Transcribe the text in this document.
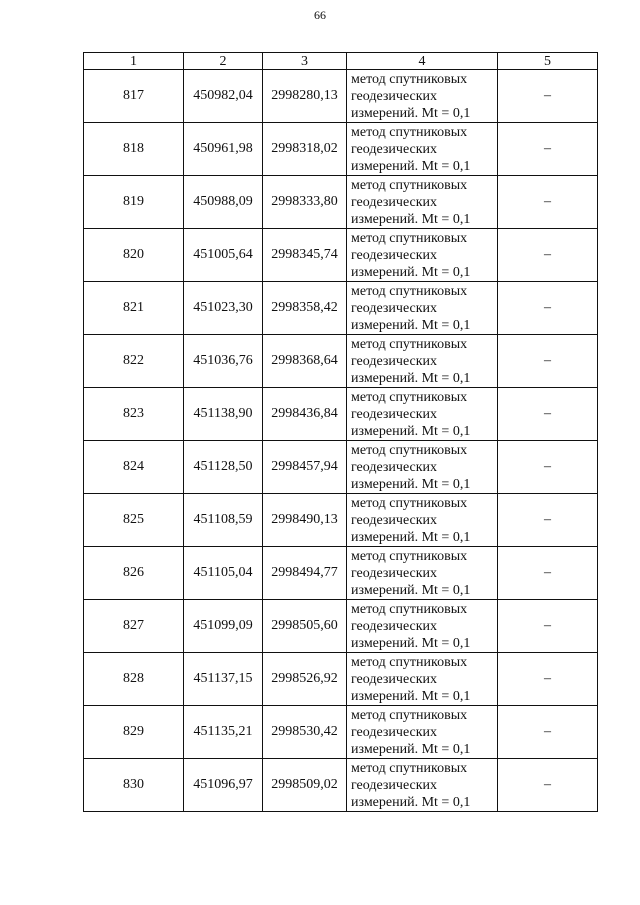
66
1	2	3	4	5
817	450982,04	2998280,13	метод спутниковых
геодезических
измерений. Mt = 0,1	–
818	450961,98	2998318,02	метод спутниковых
геодезических
измерений. Mt = 0,1	–
819	450988,09	2998333,80	метод спутниковых
геодезических
измерений. Mt = 0,1	–
820	451005,64	2998345,74	метод спутниковых
геодезических
измерений. Mt = 0,1	–
821	451023,30	2998358,42	метод спутниковых
геодезических
измерений. Mt = 0,1	–
822	451036,76	2998368,64	метод спутниковых
геодезических
измерений. Mt = 0,1	–
823	451138,90	2998436,84	метод спутниковых
геодезических
измерений. Mt = 0,1	–
824	451128,50	2998457,94	метод спутниковых
геодезических
измерений. Mt = 0,1	–
825	451108,59	2998490,13	метод спутниковых
геодезических
измерений. Mt = 0,1	–
826	451105,04	2998494,77	метод спутниковых
геодезических
измерений. Mt = 0,1	–
827	451099,09	2998505,60	метод спутниковых
геодезических
измерений. Mt = 0,1	–
828	451137,15	2998526,92	метод спутниковых
геодезических
измерений. Mt = 0,1	–
829	451135,21	2998530,42	метод спутниковых
геодезических
измерений. Mt = 0,1	–
830	451096,97	2998509,02	метод спутниковых
геодезических
измерений. Mt = 0,1	–
